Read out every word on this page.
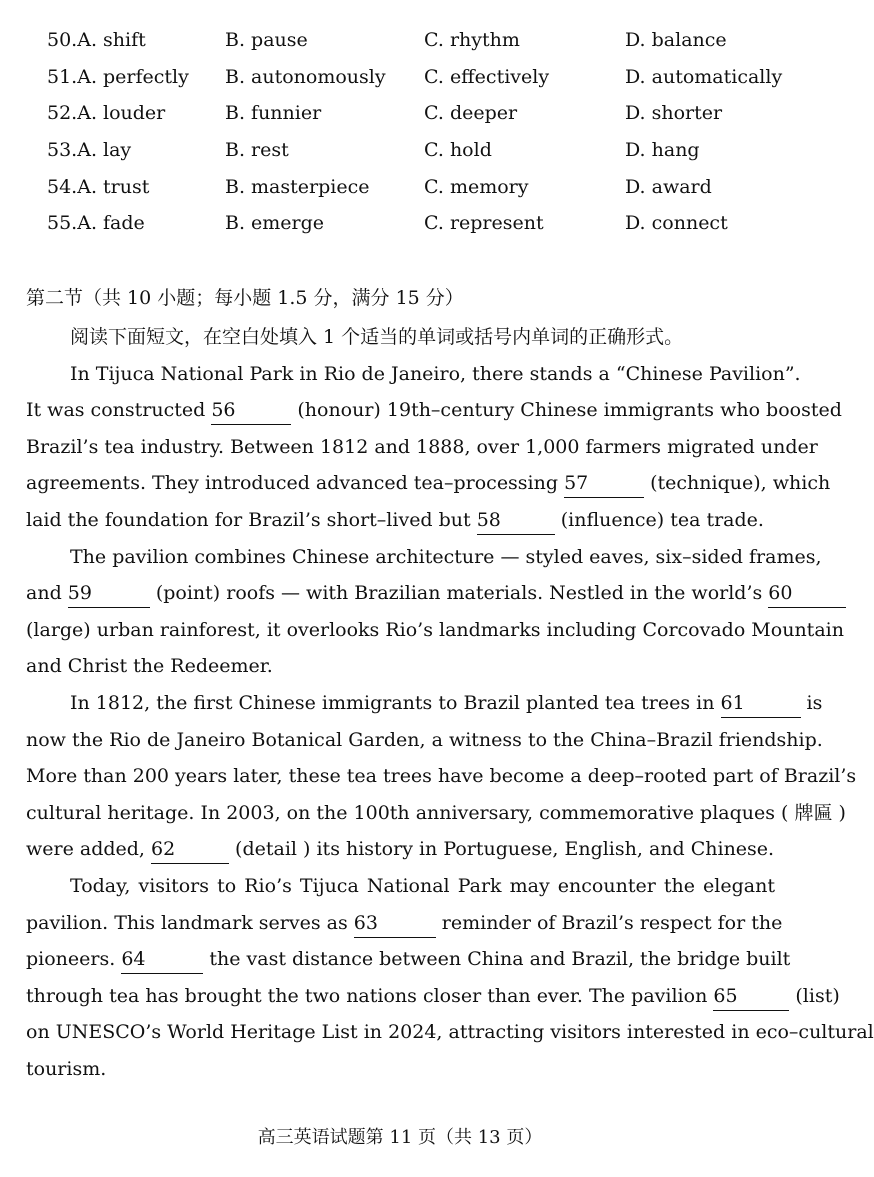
50.A. shift	B. pause	C. rhythm	D. balance
51.A. perfectly	B. autonomously	C. effectively	D. automatically
52.A. louder	B. funnier	C. deeper	D. shorter
53.A. lay	B. rest	C. hold	D. hang
54.A. trust	B. masterpiece	C. memory	D. award
55.A. fade	B. emerge	C. represent	D. connect
第二节（共 10 小题；每小题 1.5 分，满分 15 分）
阅读下面短文，在空白处填入 1 个适当的单词或括号内单词的正确形式。
In Tijuca National Park in Rio de Janeiro, there stands a “Chinese Pavilion”.
It was constructed 56	(honour) 19th–century Chinese immigrants who boosted
Brazil’s tea industry. Between 1812 and 1888, over 1,000 farmers migrated under
agreements. They introduced advanced tea–processing 57	(technique), which
laid the foundation for Brazil’s short–lived but 58	(influence) tea trade.
The pavilion combines Chinese architecture — styled eaves, six–sided frames,
and 59	(point) roofs — with Brazilian materials. Nestled in the world’s 60
(large) urban rainforest, it overlooks Rio’s landmarks including Corcovado Mountain
and Christ the Redeemer.
In 1812, the first Chinese immigrants to Brazil planted tea trees in 61	is
now the Rio de Janeiro Botanical Garden, a witness to the China–Brazil friendship.
More than 200 years later, these tea trees have become a deep–rooted part of Brazil’s
cultural heritage. In 2003, on the 100th anniversary, commemorative plaques ( 牌匾 )
were added, 62	(detail ) its history in Portuguese, English, and Chinese.
Today, visitors to Rio’s Tijuca National Park may encounter the elegant
pavilion. This landmark serves as 63	reminder of Brazil’s respect for the
pioneers. 64	the vast distance between China and Brazil, the bridge built
through tea has brought the two nations closer than ever. The pavilion 65	(list)
on UNESCO’s World Heritage List in 2024, attracting visitors interested in eco–cultural
tourism.
高三英语试题第 11 页（共 13 页）
